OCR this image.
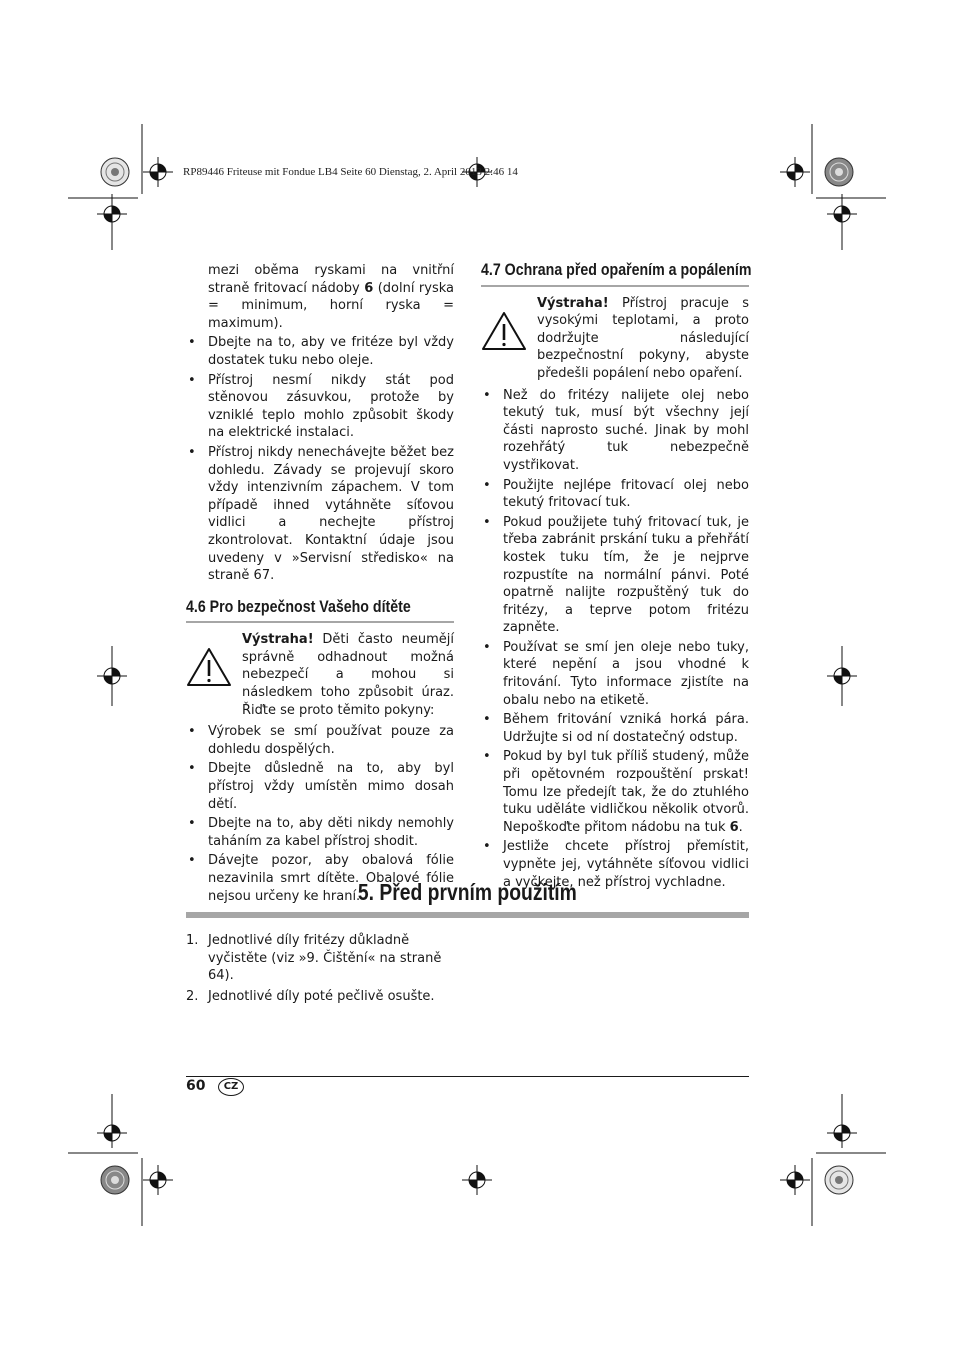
RP89446 Friteuse mit Fondue LB4 Seite 60 Dienstag, 2. April 2013 2:46 14

mezi oběma ryskami na vnitřní straně fritovací nádoby 6 (dolní ryska = minimum, horní ryska = maximum).

• Dbejte na to, aby ve fritéze byl vždy dostatek tuku nebo oleje.
• Přístroj nesmí nikdy stát pod stěnovou zásuvkou, protože by vzniklé teplo mohlo způsobit škody na elektrické instalaci.
• Přístroj nikdy nenechávejte běžet bez dohledu. Závady se projevují skoro vždy intenzivním zápachem. V tom případě ihned vytáhněte síťovou vidlici a nechejte přístroj zkontrolovat. Kontaktní údaje jsou uvedeny v »Servisní středisko« na straně 67.
4.6 Pro bezpečnost Vašeho dítěte
Výstraha! Děti často neumějí správně odhadnout možná nebezpečí a mohou si následkem toho způsobit úraz. Řiďte se proto těmito pokyny:
• Výrobek se smí používat pouze za dohledu dospělých.
• Dbejte důsledně na to, aby byl přístroj vždy umístěn mimo dosah dětí.
• Dbejte na to, aby děti nikdy nemohly taháním za kabel přístroj shodit.
• Dávejte pozor, aby obalová fólie nezavinila smrt dítěte. Obalové fólie nejsou určeny ke hraní.
4.7 Ochrana před opařením a popálením
Výstraha! Přístroj pracuje s vysokými teplotami, a proto dodržujte následující bezpečnostní pokyny, abyste předešli popálení nebo opaření.
• Než do fritézy nalijete olej nebo tekutý tuk, musí být všechny její části naprosto suché. Jinak by mohl rozehřátý tuk nebezpečně vystřikovat.
• Použijte nejlépe fritovací olej nebo tekutý fritovací tuk.
• Pokud použijete tuhý fritovací tuk, je třeba zabránit prskání tuku a přehřátí kostek tuku tím, že je nejprve rozpustíte na normální pánvi. Poté opatrně nalijte rozpuštěný tuk do fritézy, a teprve potom fritézu zapněte.
• Používat se smí jen oleje nebo tuky, které nepění a jsou vhodné k fritování. Tyto informace zjistíte na obalu nebo na etiketě.
• Během fritování vzniká horká pára. Udržujte si od ní dostatečný odstup.
• Pokud by byl tuk příliš studený, může při opětovném rozpouštění prskat! Tomu lze předejít tak, že do ztuhlého tuku uděláte vidličkou několik otvorů. Nepoškoďte přitom nádobu na tuk 6.
• Jestliže chcete přístroj přemístit, vypněte jej, vytáhněte síťovou vidlici a vyčkejte, než přístroj vychladne.
5. Před prvním použitím
1. Jednotlivé díly fritézy důkladně vyčistěte (viz »9. Čištění« na straně 64).
2. Jednotlivé díly poté pečlivě osušte.
60	CZ
